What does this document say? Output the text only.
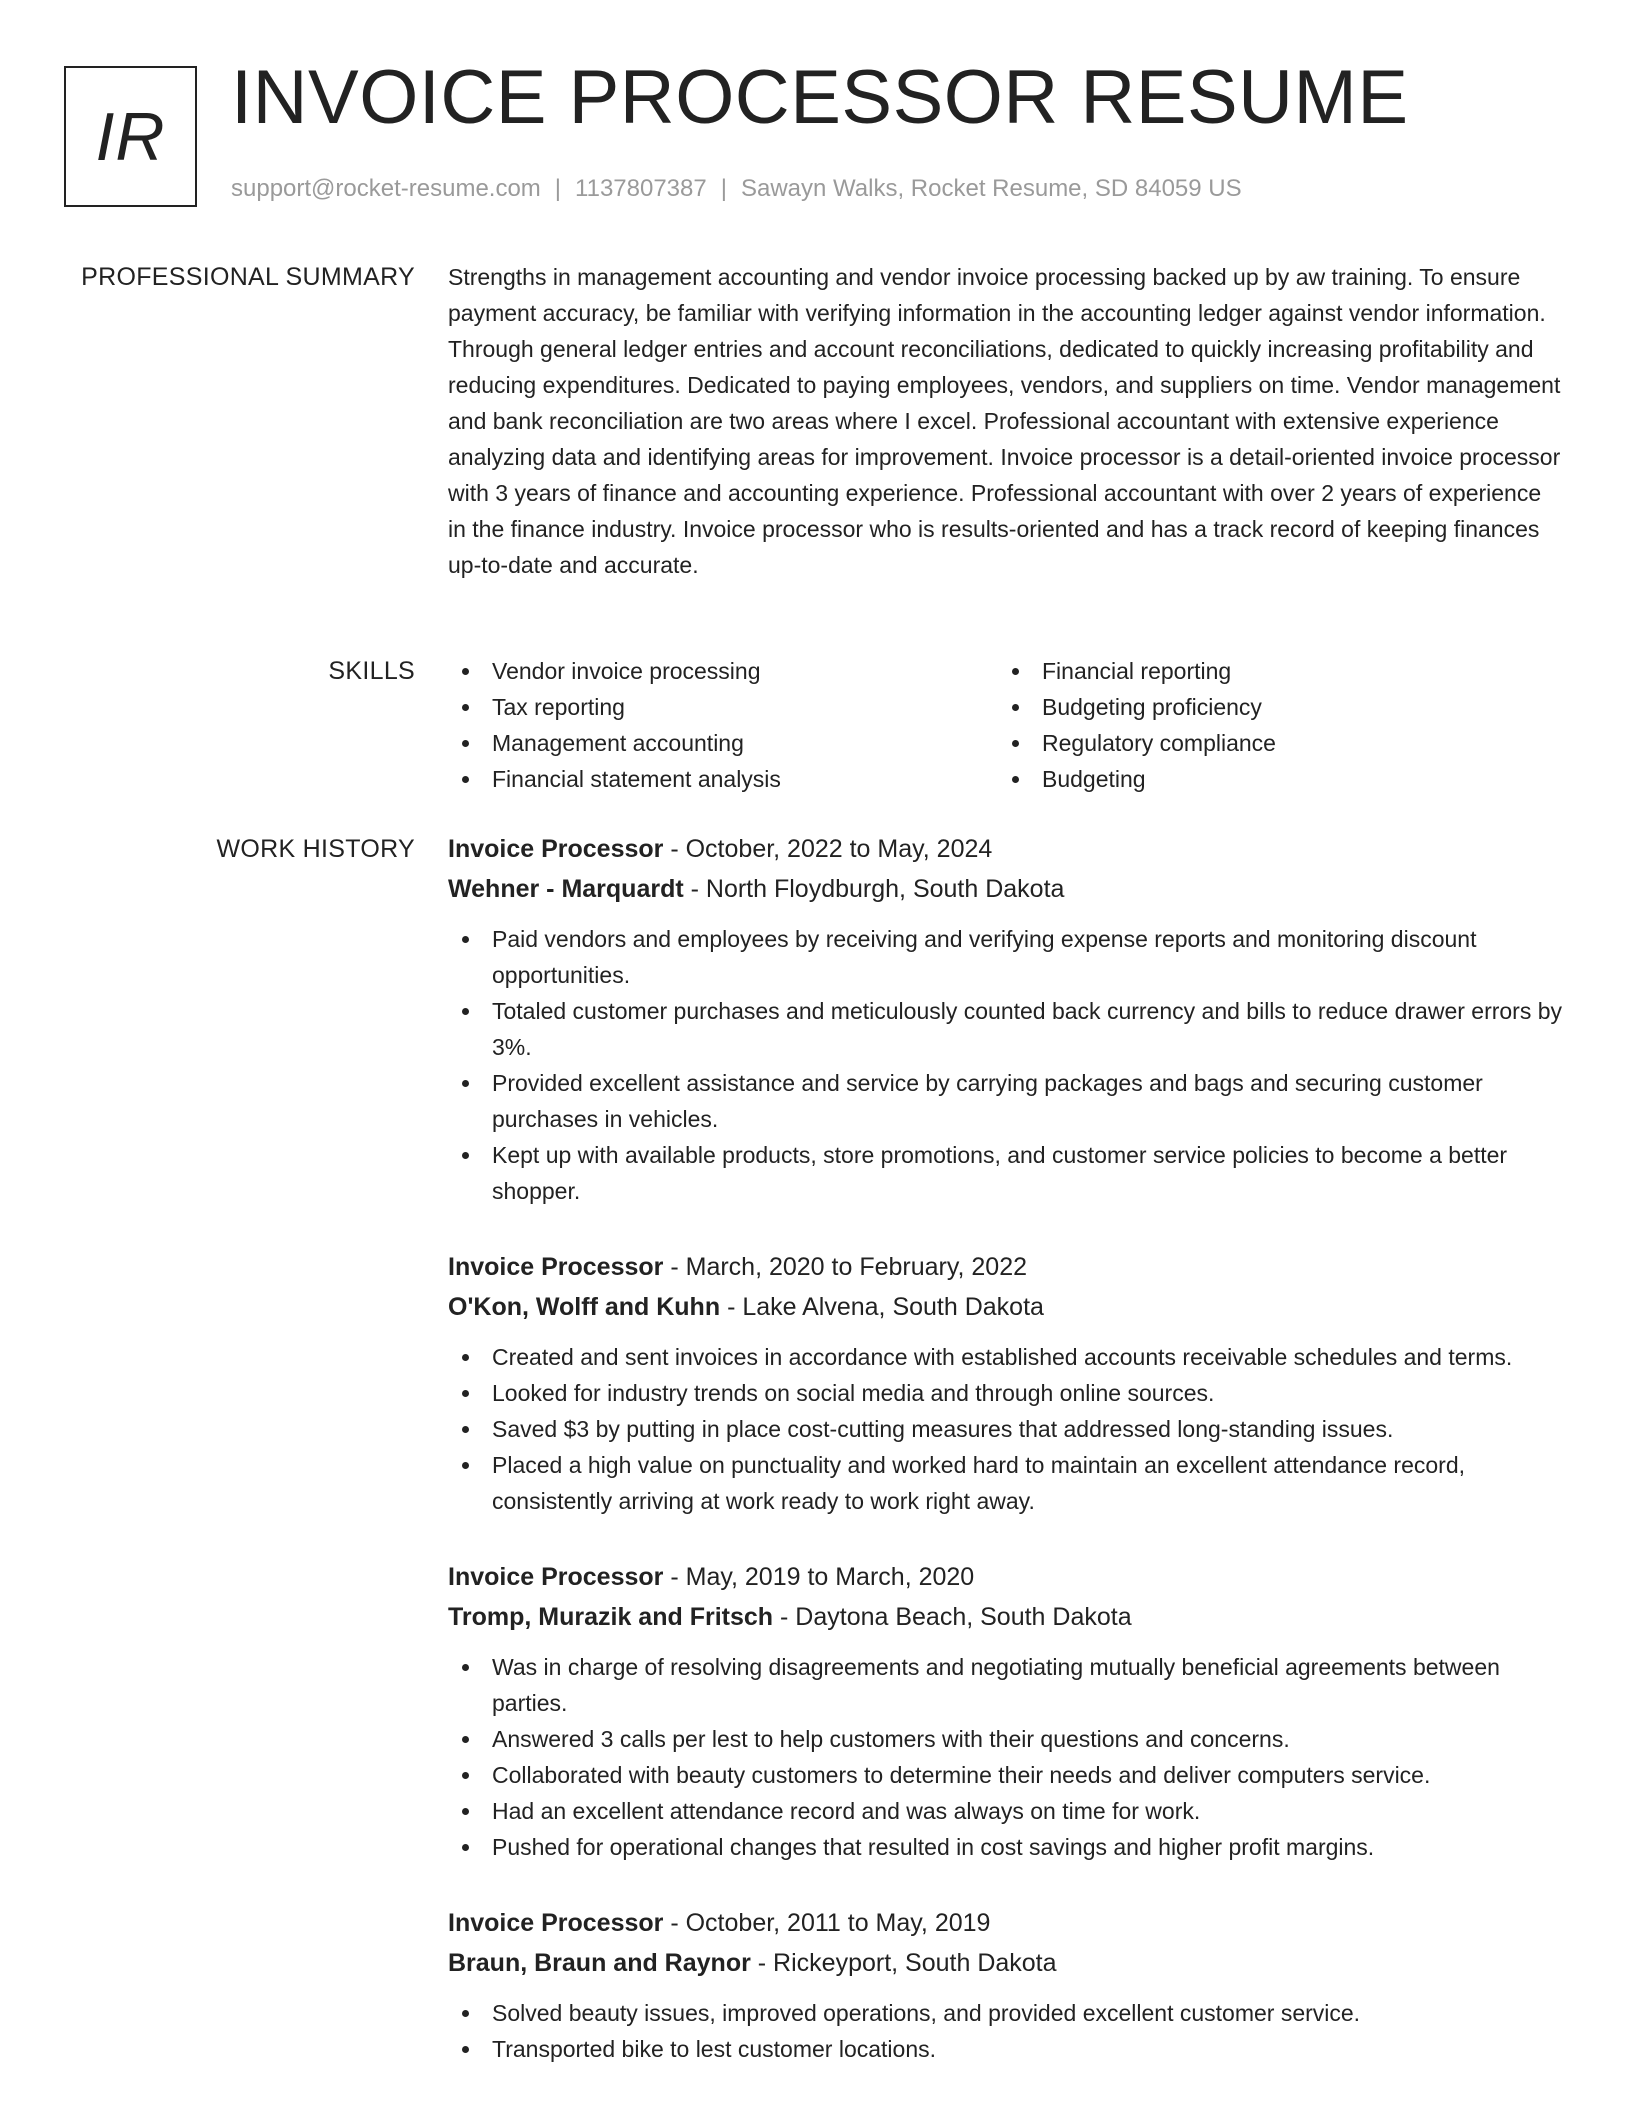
IR INVOICE PROCESSOR RESUME
support@rocket-resume.com | 1137807387 | Sawayn Walks, Rocket Resume, SD 84059 US
PROFESSIONAL SUMMARY Strengths in management accounting and vendor invoice processing backed up by aw training. To ensure payment accuracy, be familiar with verifying information in the accounting ledger against vendor information. Through general ledger entries and account reconciliations, dedicated to quickly increasing profitability and reducing expenditures. Dedicated to paying employees, vendors, and suppliers on time. Vendor management and bank reconciliation are two areas where I excel. Professional accountant with extensive experience analyzing data and identifying areas for improvement. Invoice processor is a detail-oriented invoice processor with 3 years of finance and accounting experience. Professional accountant with over 2 years of experience in the finance industry. Invoice processor who is results-oriented and has a track record of keeping finances up-to-date and accurate.

SKILLS	Vendor invoice processing
Tax reporting
Management accounting
Financial statement analysis
Financial reporting
Budgeting proficiency
Regulatory compliance
Budgeting
WORK HISTORY Invoice Processor - October, 2022 to May, 2024
Wehner - Marquardt - North Floydburgh, South Dakota
Paid vendors and employees by receiving and verifying expense reports and monitoring discount opportunities.
Totaled customer purchases and meticulously counted back currency and bills to reduce drawer errors by 3%.
Provided excellent assistance and service by carrying packages and bags and securing customer purchases in vehicles.
Kept up with available products, store promotions, and customer service policies to become a better shopper.
Invoice Processor - March, 2020 to February, 2022
O'Kon, Wolff and Kuhn - Lake Alvena, South Dakota
Created and sent invoices in accordance with established accounts receivable schedules and terms.
Looked for industry trends on social media and through online sources.
Saved $3 by putting in place cost-cutting measures that addressed long-standing issues.
Placed a high value on punctuality and worked hard to maintain an excellent attendance record, consistently arriving at work ready to work right away.
Invoice Processor - May, 2019 to March, 2020
Tromp, Murazik and Fritsch - Daytona Beach, South Dakota
Was in charge of resolving disagreements and negotiating mutually beneficial agreements between parties.
Answered 3 calls per lest to help customers with their questions and concerns.
Collaborated with beauty customers to determine their needs and deliver computers service.
Had an excellent attendance record and was always on time for work.
Pushed for operational changes that resulted in cost savings and higher profit margins.
Invoice Processor - October, 2011 to May, 2019
Braun, Braun and Raynor - Rickeyport, South Dakota
Solved beauty issues, improved operations, and provided excellent customer service.
Transported bike to lest customer locations.
